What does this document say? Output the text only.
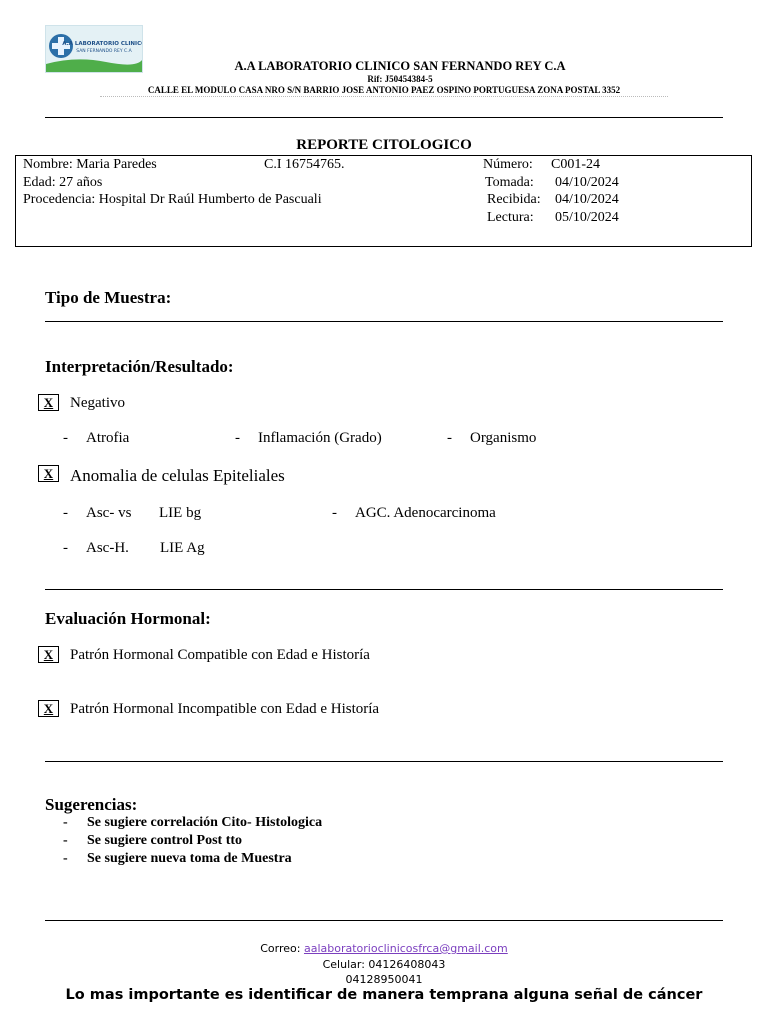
A.A LABORATORIO CLINICO
SAN FERNANDO REY C.A
A.A LABORATORIO CLINICO SAN FERNANDO REY C.A
Rif: J50454384-5
CALLE EL MODULO CASA NRO S/N BARRIO JOSE ANTONIO PAEZ OSPINO PORTUGUESA ZONA POSTAL 3352
REPORTE CITOLOGICO
Nombre: Maria Paredes	C.I 16754765.
Edad: 27 años
Procedencia: Hospital Dr Raúl Humberto de Pascuali
Número: C001-24
Tomada: 04/10/2024
Recibida: 04/10/2024
Lectura: 05/10/2024
Tipo de Muestra:
Interpretación/Resultado:
X	Negativo
- Atrofia	- Inflamación (Grado)	- Organismo
X Anomalia de celulas Epiteliales
- Asc- vs LIE bg	- AGC. Adenocarcinoma
- Asc-H. LIE Ag
Evaluación Hormonal:
X	Patrón Hormonal Compatible con Edad e Historía
X	Patrón Hormonal Incompatible con Edad e Historía
Sugerencias:
- Se sugiere correlación Cito- Histologica
- Se sugiere control Post tto
- Se sugiere nueva toma de Muestra
Correo: aalaboratorioclinicosfrca@gmail.com
Celular: 04126408043
04128950041
Lo mas importante es identificar de manera temprana alguna señal de cáncer
